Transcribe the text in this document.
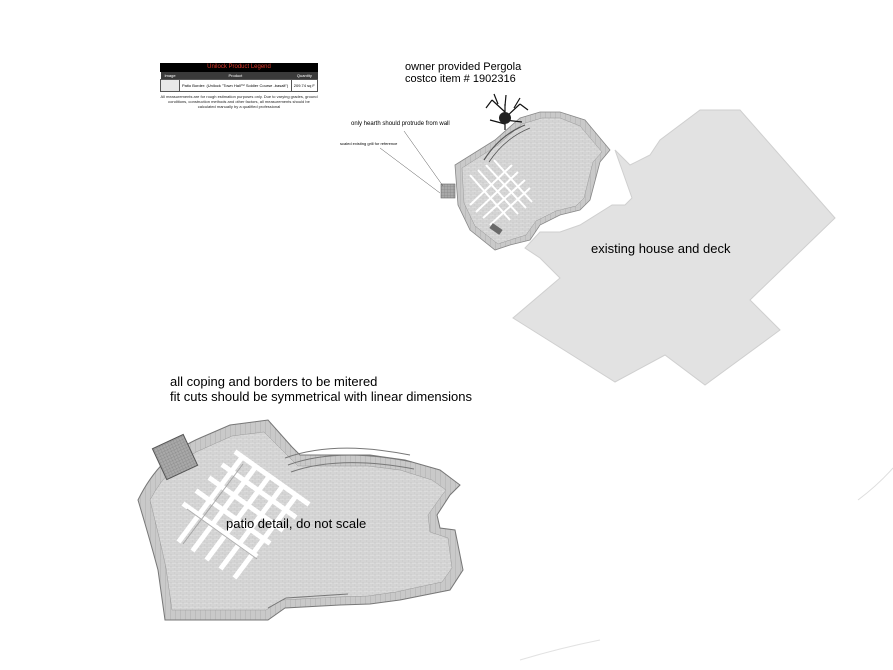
Unilock Product Legend
Image	Product	Quantity
	Patio Border: (Unilock "Town Hall™ Soldier Course -basalt")	209.74 sq F
All measurements are for rough estimation purposes only. Due to varying grades, ground conditions, construction methods and other factors, all measurements should be calculated manually by a qualified professional
owner provided Pergola
costco item # 1902316
only hearth should protrude from wall
scaled existing grill for reference
existing house and deck
all coping and borders to be mitered
fit cuts should be symmetrical with linear dimensions
patio detail, do not scale
